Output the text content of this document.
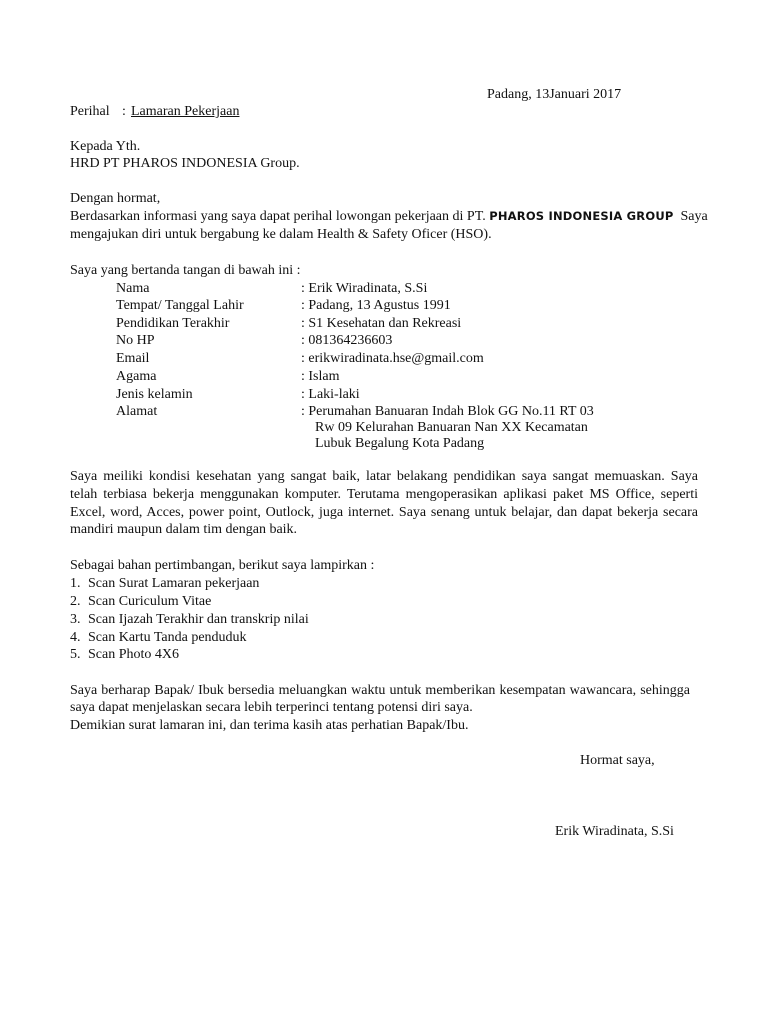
Padang, 13Januari 2017
Perihal : Lamaran Pekerjaan
Kepada Yth.
HRD PT PHAROS INDONESIA Group.
Dengan hormat,
Berdasarkan informasi yang saya dapat perihal lowongan pekerjaan di PT. PHAROS INDONESIA GROUP Saya
mengajukan diri untuk bergabung ke dalam Health & Safety Oficer (HSO).
Saya yang bertanda tangan di bawah ini :
Nama	: Erik Wiradinata, S.Si
Tempat/ Tanggal Lahir	: Padang, 13 Agustus 1991
Pendidikan Terakhir	: S1 Kesehatan dan Rekreasi
No HP	: 081364236603
Email	: erikwiradinata.hse@gmail.com
Agama	: Islam
Jenis kelamin	: Laki-laki
Alamat	: Perumahan Banuaran Indah Blok GG No.11 RT 03
Rw 09 Kelurahan Banuaran Nan XX Kecamatan
Lubuk Begalung Kota Padang
Saya meiliki kondisi kesehatan yang sangat baik, latar belakang pendidikan saya sangat memuaskan. Saya
telah terbiasa bekerja menggunakan komputer. Terutama mengoperasikan aplikasi paket MS Office, seperti
Excel, word, Acces, power point, Outlock, juga internet. Saya senang untuk belajar, dan dapat bekerja secara
mandiri maupun dalam tim dengan baik.
Sebagai bahan pertimbangan, berikut saya lampirkan :
1. Scan Surat Lamaran pekerjaan
2. Scan Curiculum Vitae
3. Scan Ijazah Terakhir dan transkrip nilai
4. Scan Kartu Tanda penduduk
5. Scan Photo 4X6
Saya berharap Bapak/ Ibuk bersedia meluangkan waktu untuk memberikan kesempatan wawancara, sehingga
saya dapat menjelaskan secara lebih terperinci tentang potensi diri saya.
Demikian surat lamaran ini, dan terima kasih atas perhatian Bapak/Ibu.
Hormat saya,
Erik Wiradinata, S.Si
